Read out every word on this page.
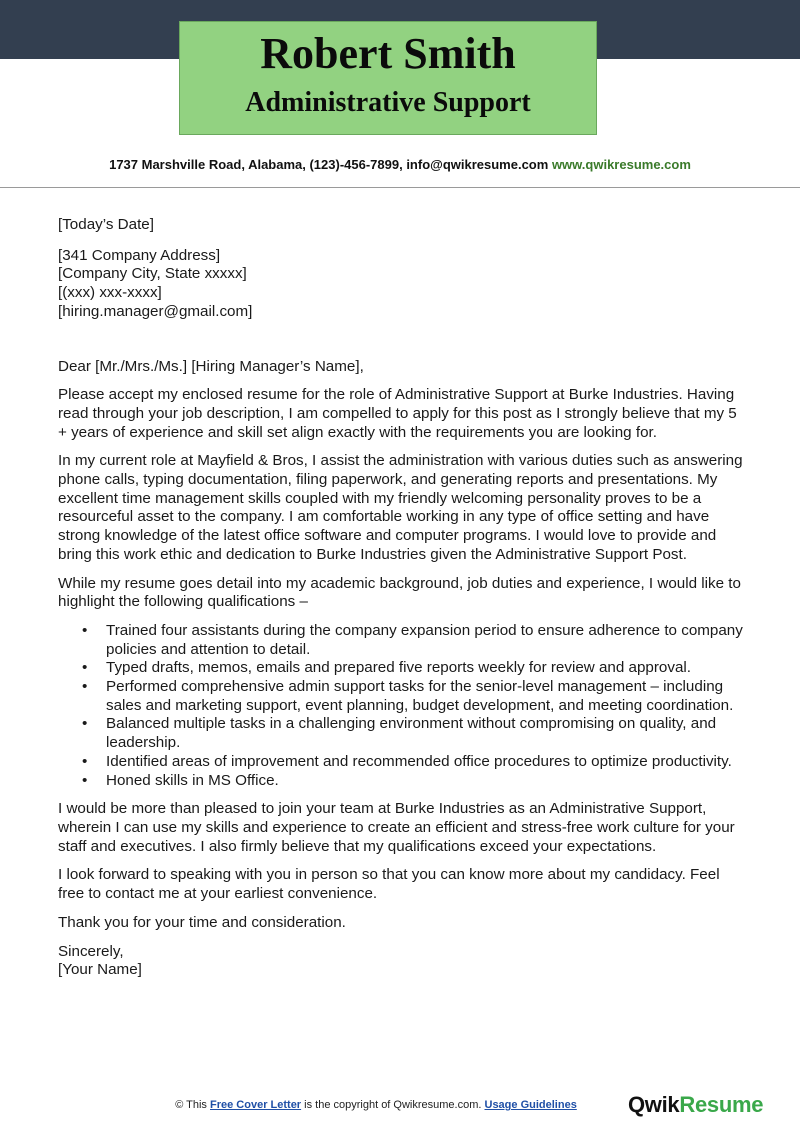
Robert Smith
Administrative Support
1737 Marshville Road, Alabama, (123)-456-7899, info@qwikresume.com www.qwikresume.com

[Today’s Date]

[341 Company Address]
[Company City, State xxxxx]
[(xxx) xxx-xxxx]
[hiring.manager@gmail.com]

Dear [Mr./Mrs./Ms.] [Hiring Manager’s Name],

Please accept my enclosed resume for the role of Administrative Support at Burke Industries. Having read through your job description, I am compelled to apply for this post as I strongly believe that my 5 + years of experience and skill set align exactly with the requirements you are looking for.

In my current role at Mayfield & Bros, I assist the administration with various duties such as answering phone calls, typing documentation, filing paperwork, and generating reports and presentations. My excellent time management skills coupled with my friendly welcoming personality proves to be a resourceful asset to the company. I am comfortable working in any type of office setting and have strong knowledge of the latest office software and computer programs. I would love to provide and bring this work ethic and dedication to Burke Industries given the Administrative Support Post.

While my resume goes detail into my academic background, job duties and experience, I would like to highlight the following qualifications –

• Trained four assistants during the company expansion period to ensure adherence to company policies and attention to detail.
• Typed drafts, memos, emails and prepared five reports weekly for review and approval.
• Performed comprehensive admin support tasks for the senior-level management – including sales and marketing support, event planning, budget development, and meeting coordination.
• Balanced multiple tasks in a challenging environment without compromising on quality, and leadership.
• Identified areas of improvement and recommended office procedures to optimize productivity.
• Honed skills in MS Office.

I would be more than pleased to join your team at Burke Industries as an Administrative Support, wherein I can use my skills and experience to create an efficient and stress-free work culture for your staff and executives. I also firmly believe that my qualifications exceed your expectations.

I look forward to speaking with you in person so that you can know more about my candidacy. Feel free to contact me at your earliest convenience.

Thank you for your time and consideration.

Sincerely,

[Your Name]

© This Free Cover Letter is the copyright of Qwikresume.com. Usage Guidelines	QwikResume
